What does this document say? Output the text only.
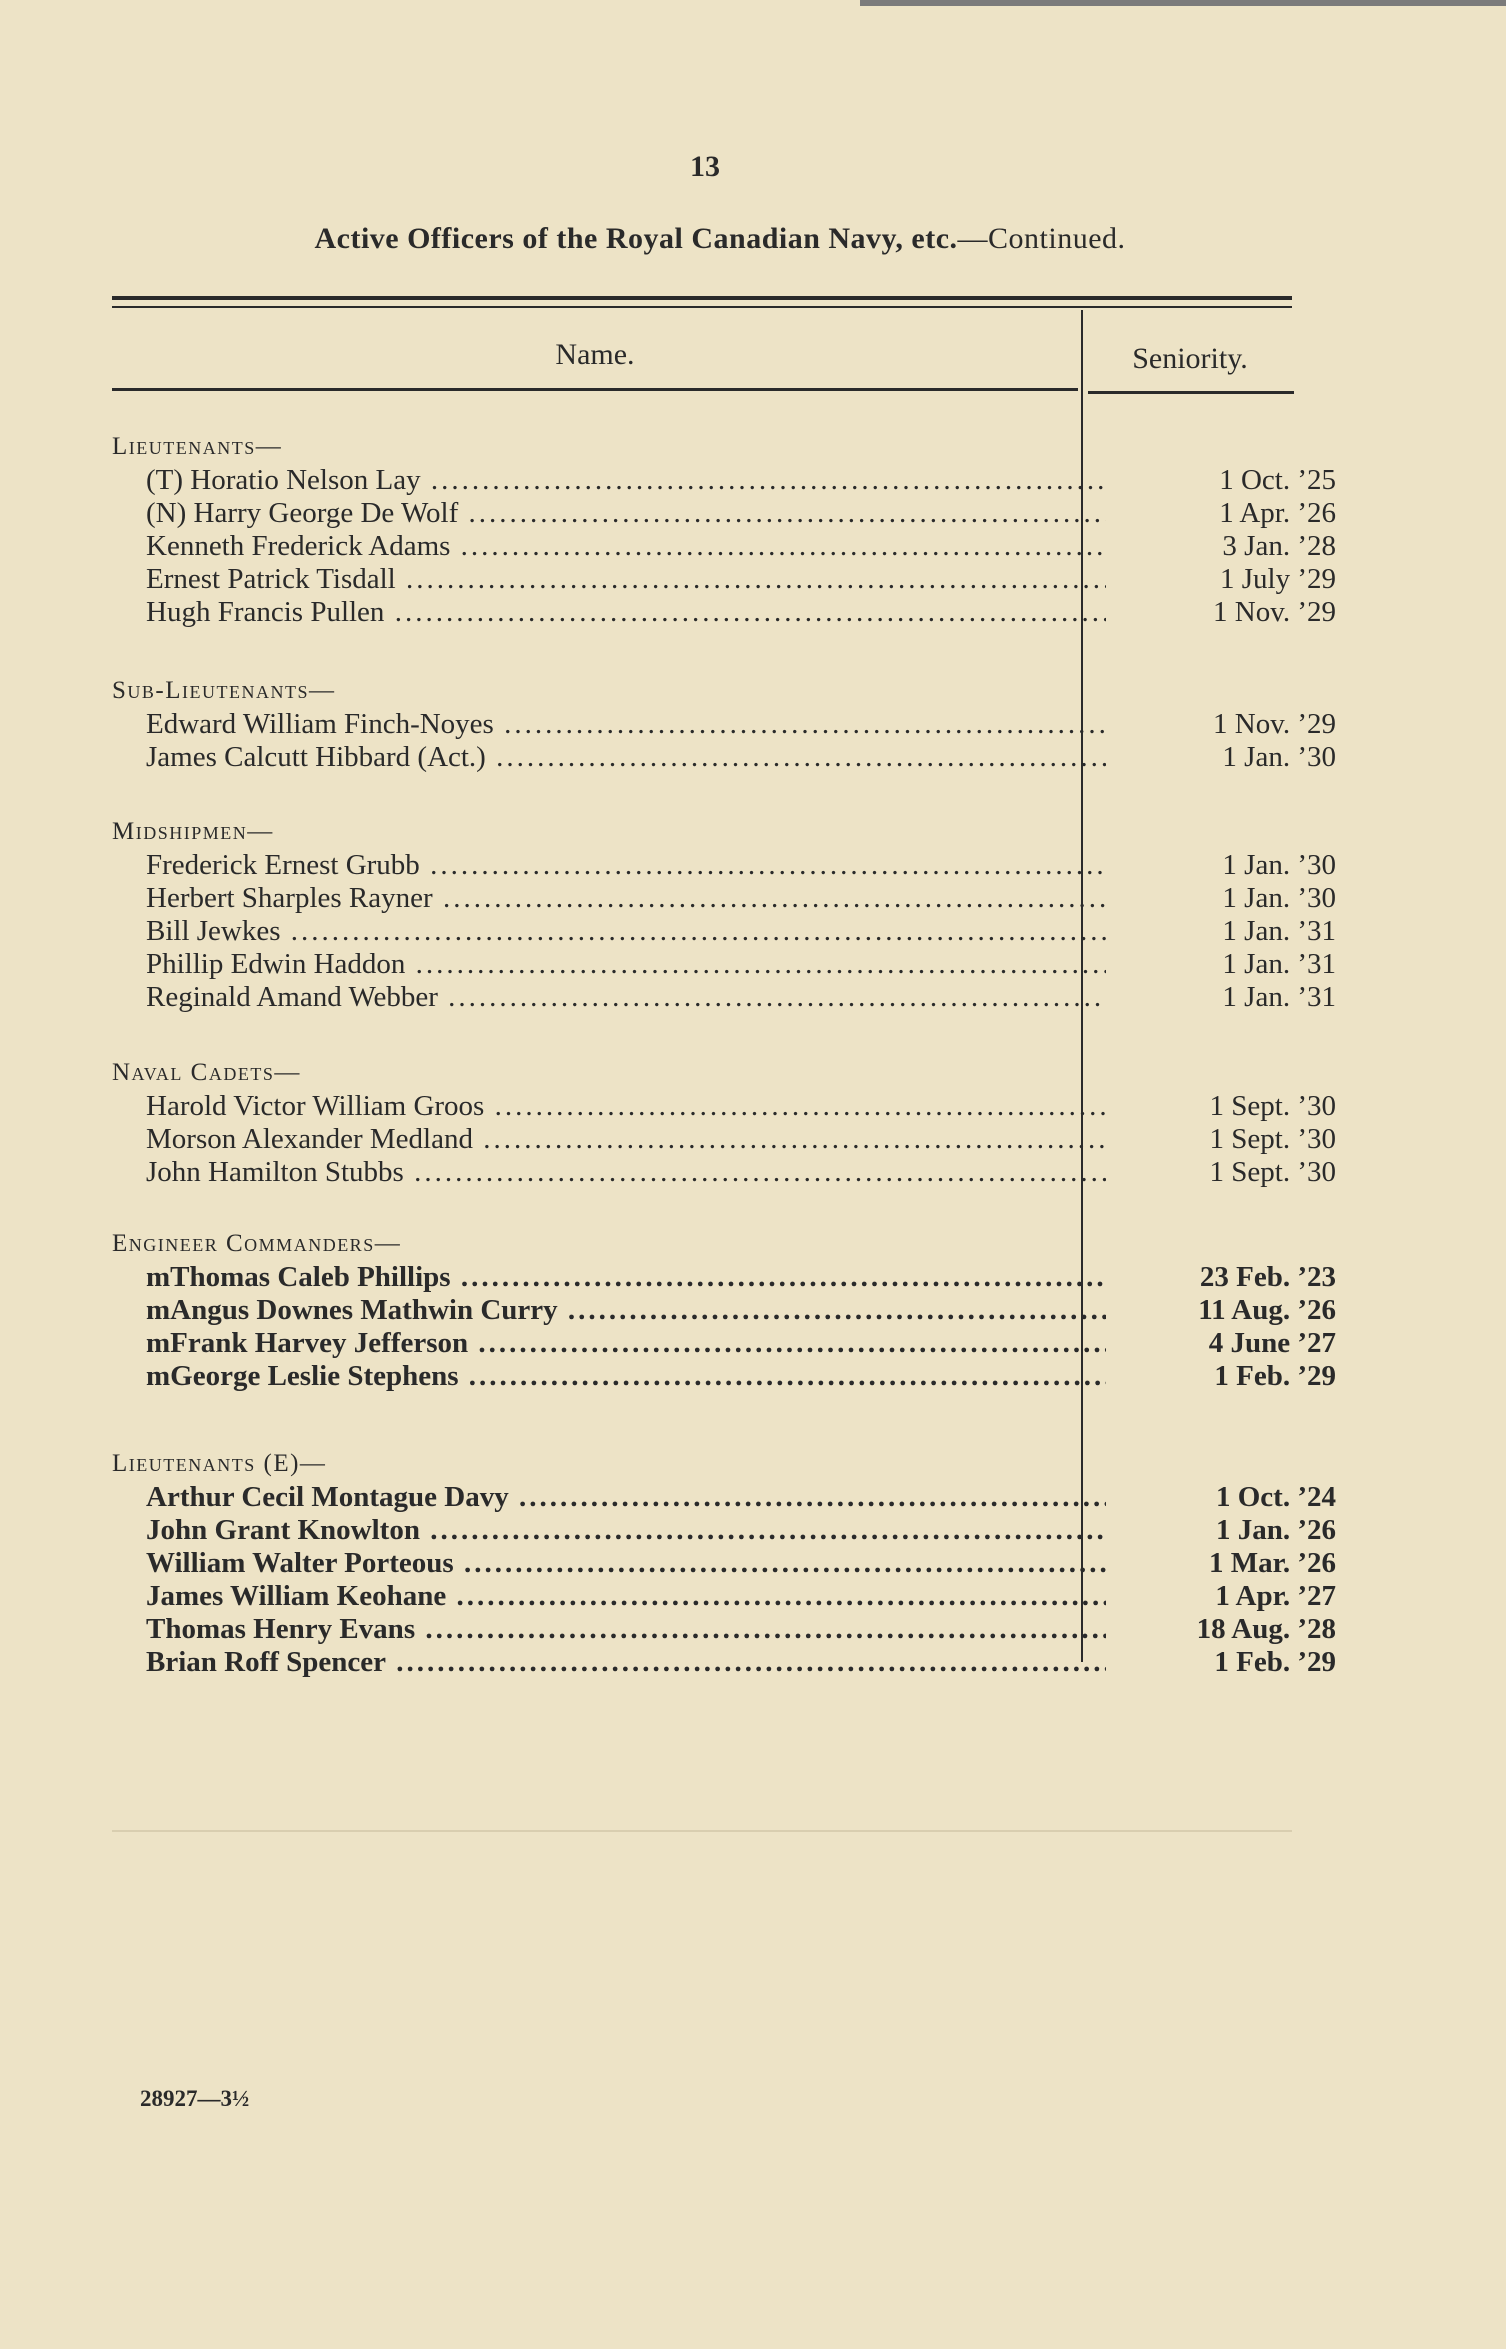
13
Active Officers of the Royal Canadian Navy, etc.—Continued.
Name.	Seniority.
Lieutenants—
(T) Horatio Nelson Lay .....	1 Oct. ’25
(N) Harry George De Wolf .....	1 Apr. ’26
Kenneth Frederick Adams .....	3 Jan. ’28
Ernest Patrick Tisdall .....	1 July ’29
Hugh Francis Pullen .....	1 Nov. ’29
Sub-Lieutenants—
Edward William Finch-Noyes .....	1 Nov. ’29
James Calcutt Hibbard (Act.) .....	1 Jan. ’30
Midshipmen—
Frederick Ernest Grubb .....	1 Jan. ’30
Herbert Sharples Rayner .....	1 Jan. ’30
Bill Jewkes .....	1 Jan. ’31
Phillip Edwin Haddon .....	1 Jan. ’31
Reginald Amand Webber .....	1 Jan. ’31
Naval Cadets—
Harold Victor William Groos .....	1 Sept. ’30
Morson Alexander Medland .....	1 Sept. ’30
John Hamilton Stubbs .....	1 Sept. ’30
Engineer Commanders—
mThomas Caleb Phillips .....	23 Feb. ’23
mAngus Downes Mathwin Curry .....	11 Aug. ’26
mFrank Harvey Jefferson .....	4 June ’27
mGeorge Leslie Stephens .....	1 Feb. ’29
Lieutenants (E)—
Arthur Cecil Montague Davy .....	1 Oct. ’24
John Grant Knowlton .....	1 Jan. ’26
William Walter Porteous .....	1 Mar. ’26
James William Keohane .....	1 Apr. ’27
Thomas Henry Evans .....	18 Aug. ’28
Brian Roff Spencer .....	1 Feb. ’29
28927—3½
